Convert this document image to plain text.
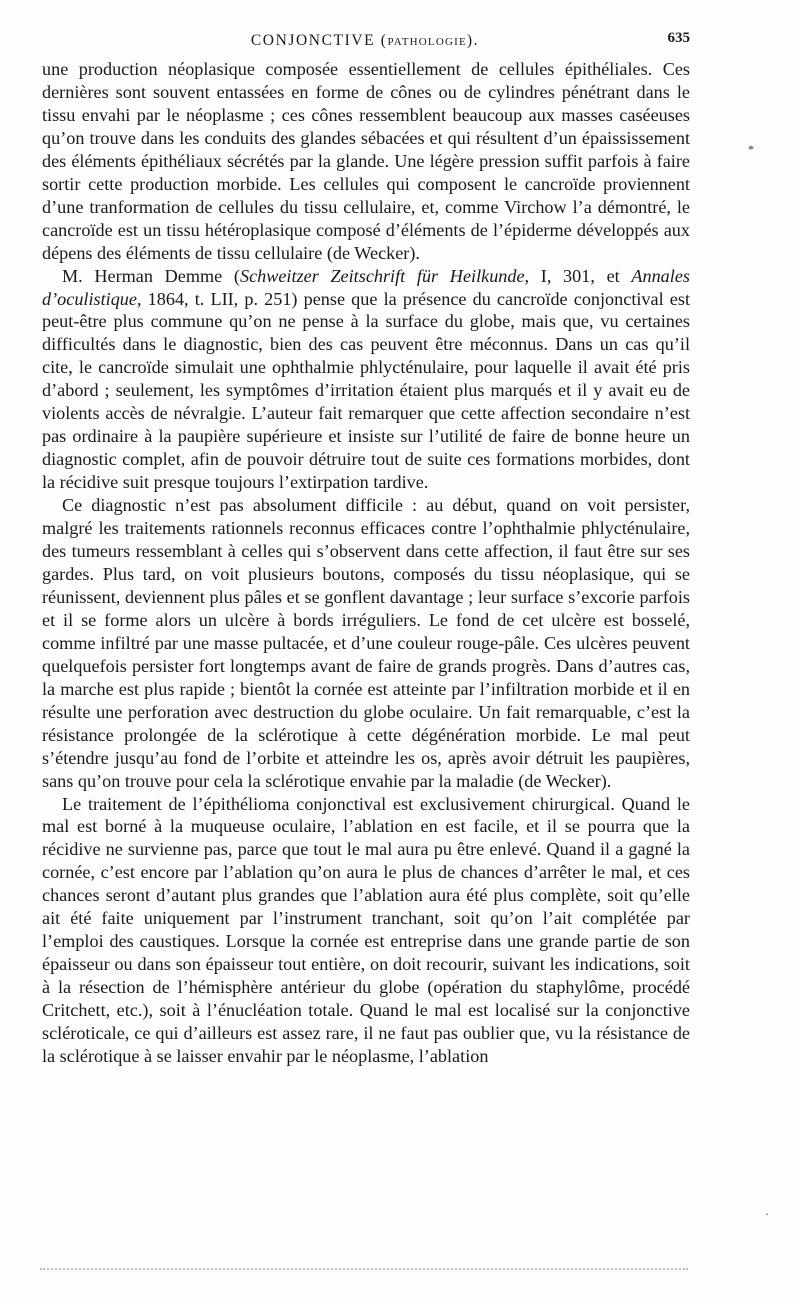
CONJONCTIVE (PATHOLOGIE).	635

une production néoplasique composée essentiellement de cellules épithéliales. Ces dernières sont souvent entassées en forme de cônes ou de cylindres pénétrant dans le tissu envahi par le néoplasme ; ces cônes ressemblent beaucoup aux masses caséeuses qu’on trouve dans les conduits des glandes sébacées et qui résultent d’un épaississement des éléments épithéliaux sécrétés par la glande. Une légère pression suffit parfois à faire sortir cette production morbide. Les cellules qui composent le cancroïde proviennent d’une tranformation de cellules du tissu cellulaire, et, comme Virchow l’a démontré, le cancroïde est un tissu hétéroplasique composé d’éléments de l’épiderme développés aux dépens des éléments de tissu cellulaire (de Wecker).

M. Herman Demme (Schweitzer Zeitschrift für Heilkunde, I, 301, et Annales d’oculistique, 1864, t. LII, p. 251) pense que la présence du cancroïde conjonctival est peut-être plus commune qu’on ne pense à la surface du globe, mais que, vu certaines difficultés dans le diagnostic, bien des cas peuvent être méconnus. Dans un cas qu’il cite, le cancroïde simulait une ophthalmie phlycténulaire, pour laquelle il avait été pris d’abord ; seulement, les symptômes d’irritation étaient plus marqués et il y avait eu de violents accès de névralgie. L’auteur fait remarquer que cette affection secondaire n’est pas ordinaire à la paupière supérieure et insiste sur l’utilité de faire de bonne heure un diagnostic complet, afin de pouvoir détruire tout de suite ces formations morbides, dont la récidive suit presque toujours l’extirpation tardive.

Ce diagnostic n’est pas absolument difficile : au début, quand on voit persister, malgré les traitements rationnels reconnus efficaces contre l’ophthalmie phlycténulaire, des tumeurs ressemblant à celles qui s’observent dans cette affection, il faut être sur ses gardes. Plus tard, on voit plusieurs boutons, composés du tissu néoplasique, qui se réunissent, deviennent plus pâles et se gonflent davantage ; leur surface s’excorie parfois et il se forme alors un ulcère à bords irréguliers. Le fond de cet ulcère est bosselé, comme infiltré par une masse pultacée, et d’une couleur rouge-pâle. Ces ulcères peuvent quelquefois persister fort longtemps avant de faire de grands progrès. Dans d’autres cas, la marche est plus rapide ; bientôt la cornée est atteinte par l’infiltration morbide et il en résulte une perforation avec destruction du globe oculaire. Un fait remarquable, c’est la résistance prolongée de la sclérotique à cette dégénération morbide. Le mal peut s’étendre jusqu’au fond de l’orbite et atteindre les os, après avoir détruit les paupières, sans qu’on trouve pour cela la sclérotique envahie par la maladie (de Wecker).

Le traitement de l’épithélioma conjonctival est exclusivement chirurgical. Quand le mal est borné à la muqueuse oculaire, l’ablation en est facile, et il se pourra que la récidive ne survienne pas, parce que tout le mal aura pu être enlevé. Quand il a gagné la cornée, c’est encore par l’ablation qu’on aura le plus de chances d’arrêter le mal, et ces chances seront d’autant plus grandes que l’ablation aura été plus complète, soit qu’elle ait été faite uniquement par l’instrument tranchant, soit qu’on l’ait complétée par l’emploi des caustiques. Lorsque la cornée est entreprise dans une grande partie de son épaisseur ou dans son épaisseur tout entière, on doit recourir, suivant les indications, soit à la résection de l’hémisphère antérieur du globe (opération du staphylôme, procédé Critchett, etc.), soit à l’énucléation totale. Quand le mal est localisé sur la conjonctive scléroticale, ce qui d’ailleurs est assez rare, il ne faut pas oublier que, vu la résistance de la sclérotique à se laisser envahir par le néoplasme, l’ablation

*
·
